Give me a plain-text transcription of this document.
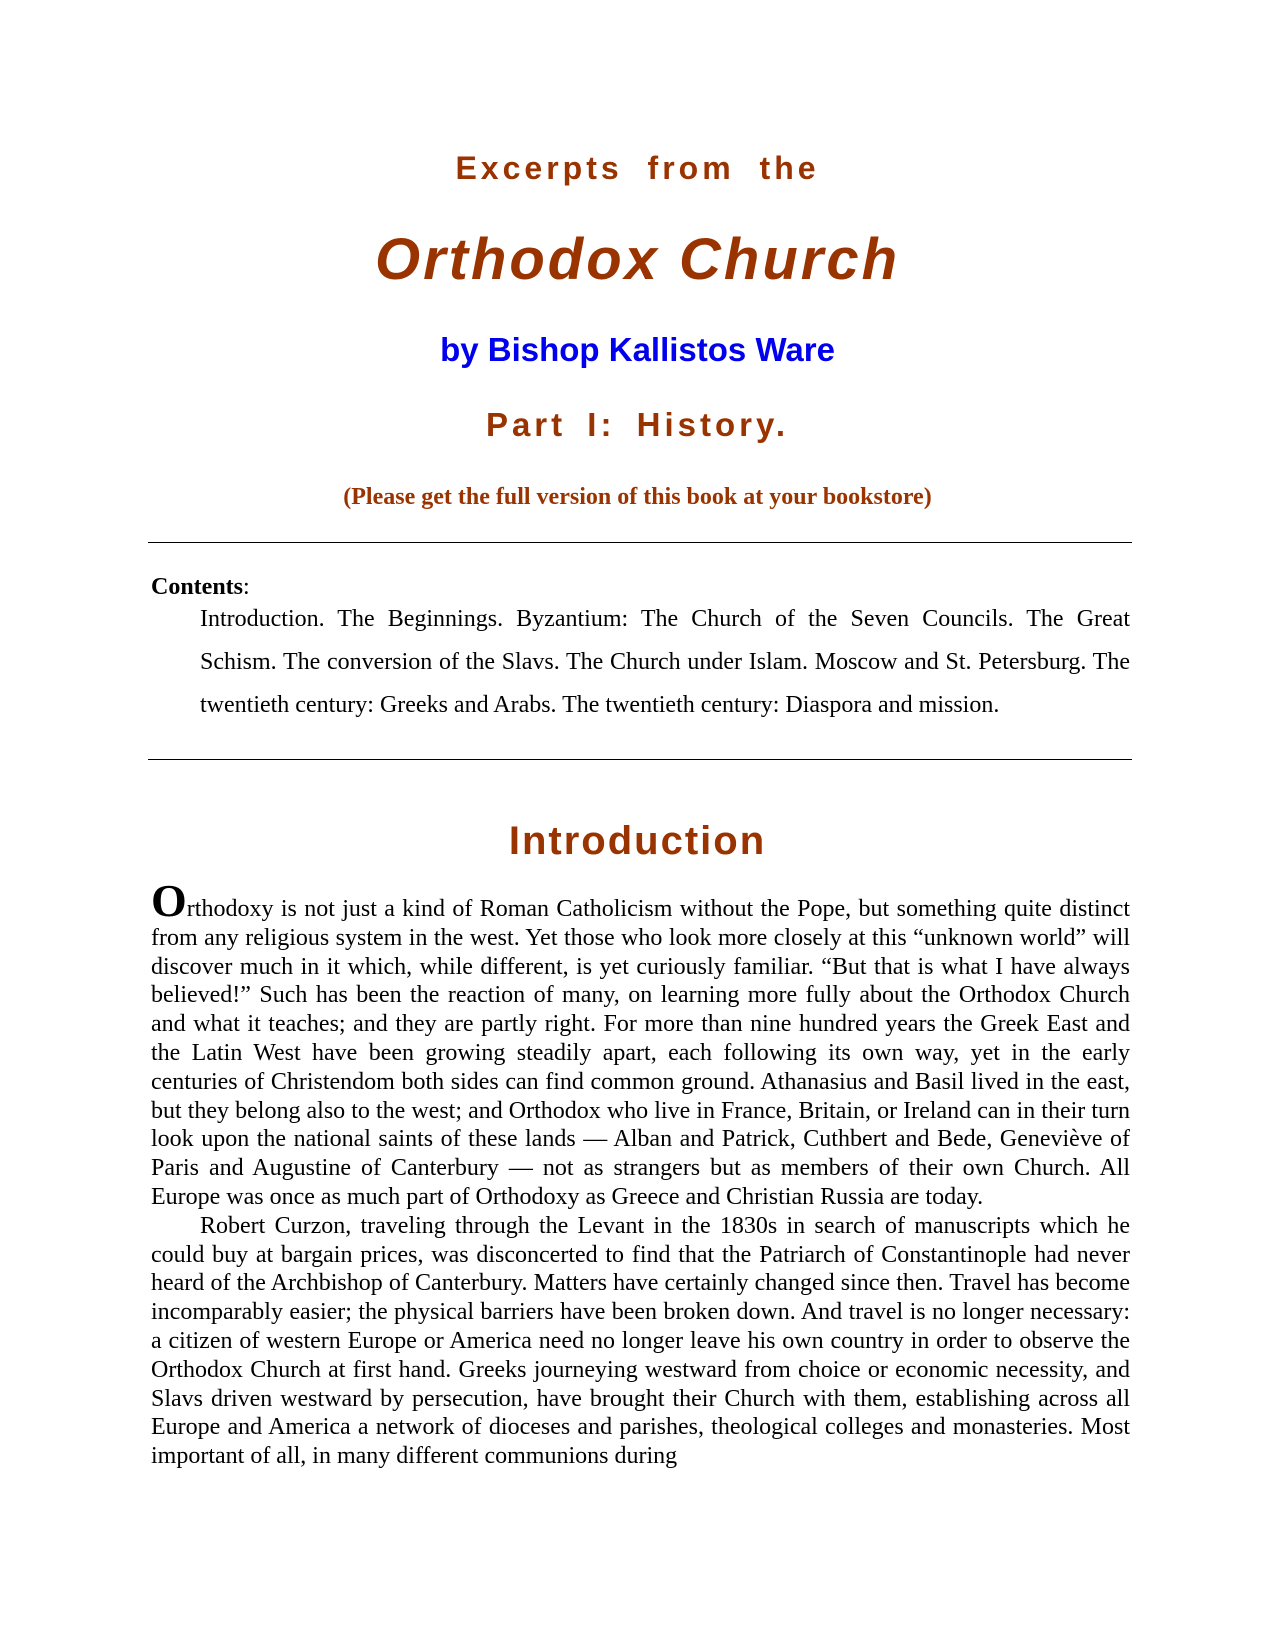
Excerpts from the
Orthodox Church
by Bishop Kallistos Ware
Part I: History.
(Please get the full version of this book at your bookstore)
Contents:
Introduction. The Beginnings. Byzantium: The Church of the Seven Councils. The Great Schism. The conversion of the Slavs. The Church under Islam. Moscow and St. Petersburg. The twentieth century: Greeks and Arabs. The twentieth century: Diaspora and mission.
Introduction

Orthodoxy is not just a kind of Roman Catholicism without the Pope, but something quite distinct from any religious system in the west. Yet those who look more closely at this “unknown world” will discover much in it which, while different, is yet curiously familiar. “But that is what I have always believed!” Such has been the reaction of many, on learning more fully about the Orthodox Church and what it teaches; and they are partly right. For more than nine hundred years the Greek East and the Latin West have been growing steadily apart, each following its own way, yet in the early centuries of Christendom both sides can find common ground. Athanasius and Basil lived in the east, but they belong also to the west; and Orthodox who live in France, Britain, or Ireland can in their turn look upon the national saints of these lands — Alban and Patrick, Cuthbert and Bede, Geneviève of Paris and Augustine of Canterbury — not as strangers but as members of their own Church. All Europe was once as much part of Orthodoxy as Greece and Christian Russia are today.

Robert Curzon, traveling through the Levant in the 1830s in search of manuscripts which he could buy at bargain prices, was disconcerted to find that the Patriarch of Constantinople had never heard of the Archbishop of Canterbury. Matters have certainly changed since then. Travel has become incomparably easier; the physical barriers have been broken down. And travel is no longer necessary: a citizen of western Europe or America need no longer leave his own country in order to observe the Orthodox Church at first hand. Greeks journeying westward from choice or economic necessity, and Slavs driven westward by persecution, have brought their Church with them, establishing across all Europe and America a network of dioceses and parishes, theological colleges and monasteries. Most important of all, in many different communions during
